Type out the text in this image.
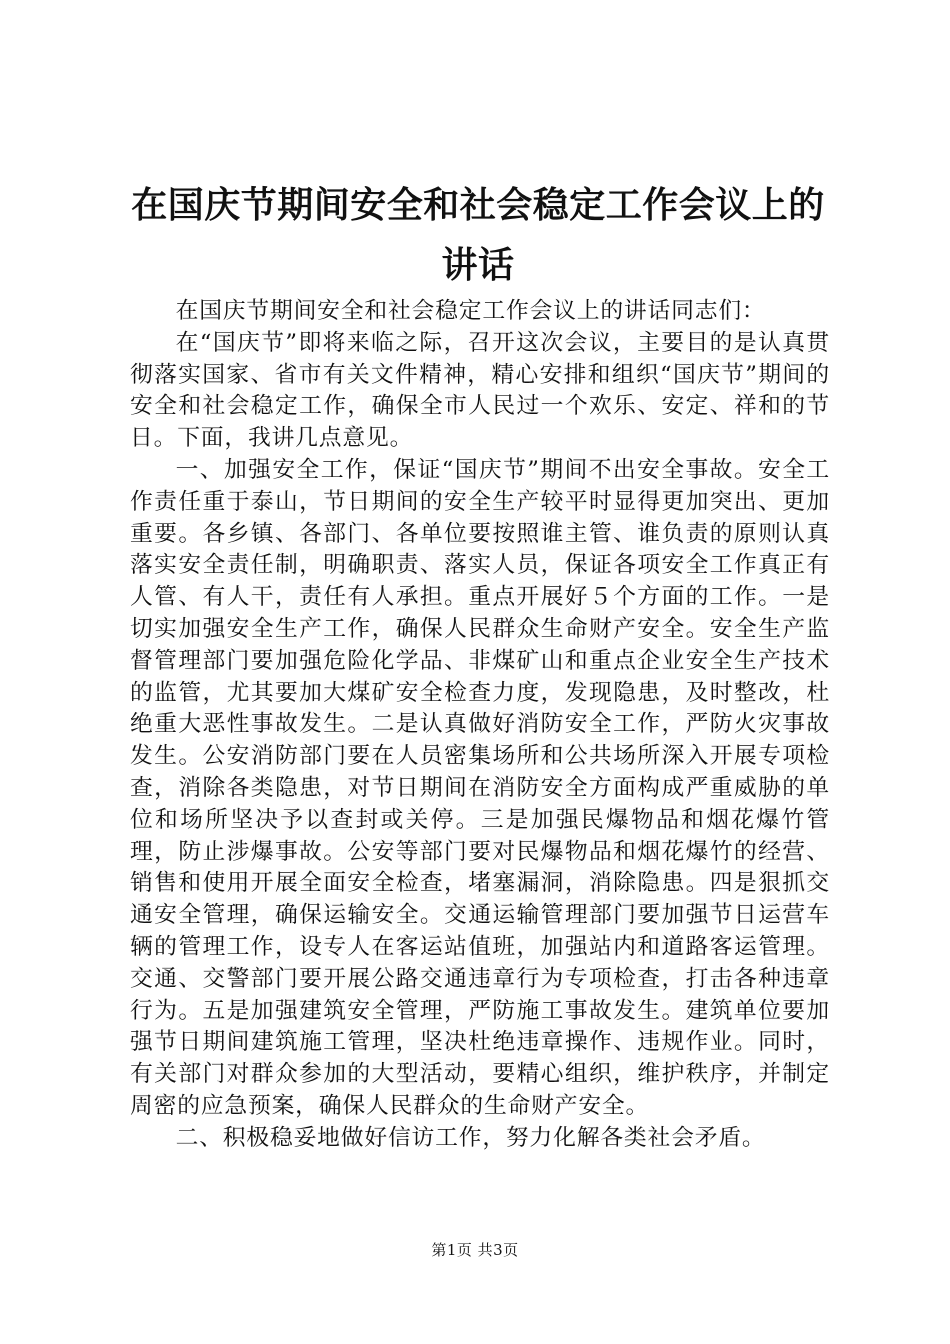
在国庆节期间安全和社会稳定工作会议上的讲话

在国庆节期间安全和社会稳定工作会议上的讲话同志们：

在“国庆节”即将来临之际，召开这次会议，主要目的是认真贯彻落实国家、省市有关文件精神，精心安排和组织“国庆节”期间的安全和社会稳定工作，确保全市人民过一个欢乐、安定、祥和的节日。下面，我讲几点意见。

一、加强安全工作，保证“国庆节”期间不出安全事故。安全工作责任重于泰山，节日期间的安全生产较平时显得更加突出、更加重要。各乡镇、各部门、各单位要按照谁主管、谁负责的原则认真落实安全责任制，明确职责、落实人员，保证各项安全工作真正有人管、有人干，责任有人承担。重点开展好５个方面的工作。一是切实加强安全生产工作，确保人民群众生命财产安全。安全生产监督管理部门要加强危险化学品、非煤矿山和重点企业安全生产技术的监管，尤其要加大煤矿安全检查力度，发现隐患，及时整改，杜绝重大恶性事故发生。二是认真做好消防安全工作，严防火灾事故发生。公安消防部门要在人员密集场所和公共场所深入开展专项检查，消除各类隐患，对节日期间在消防安全方面构成严重威胁的单位和场所坚决予以查封或关停。三是加强民爆物品和烟花爆竹管理，防止涉爆事故。公安等部门要对民爆物品和烟花爆竹的经营、销售和使用开展全面安全检查，堵塞漏洞，消除隐患。四是狠抓交通安全管理，确保运输安全。交通运输管理部门要加强节日运营车辆的管理工作，设专人在客运站值班，加强站内和道路客运管理。交通、交警部门要开展公路交通违章行为专项检查，打击各种违章行为。五是加强建筑安全管理，严防施工事故发生。建筑单位要加强节日期间建筑施工管理，坚决杜绝违章操作、违规作业。同时，有关部门对群众参加的大型活动，要精心组织，维护秩序，并制定周密的应急预案，确保人民群众的生命财产安全。

二、积极稳妥地做好信访工作，努力化解各类社会矛盾。

第1页 共3页
